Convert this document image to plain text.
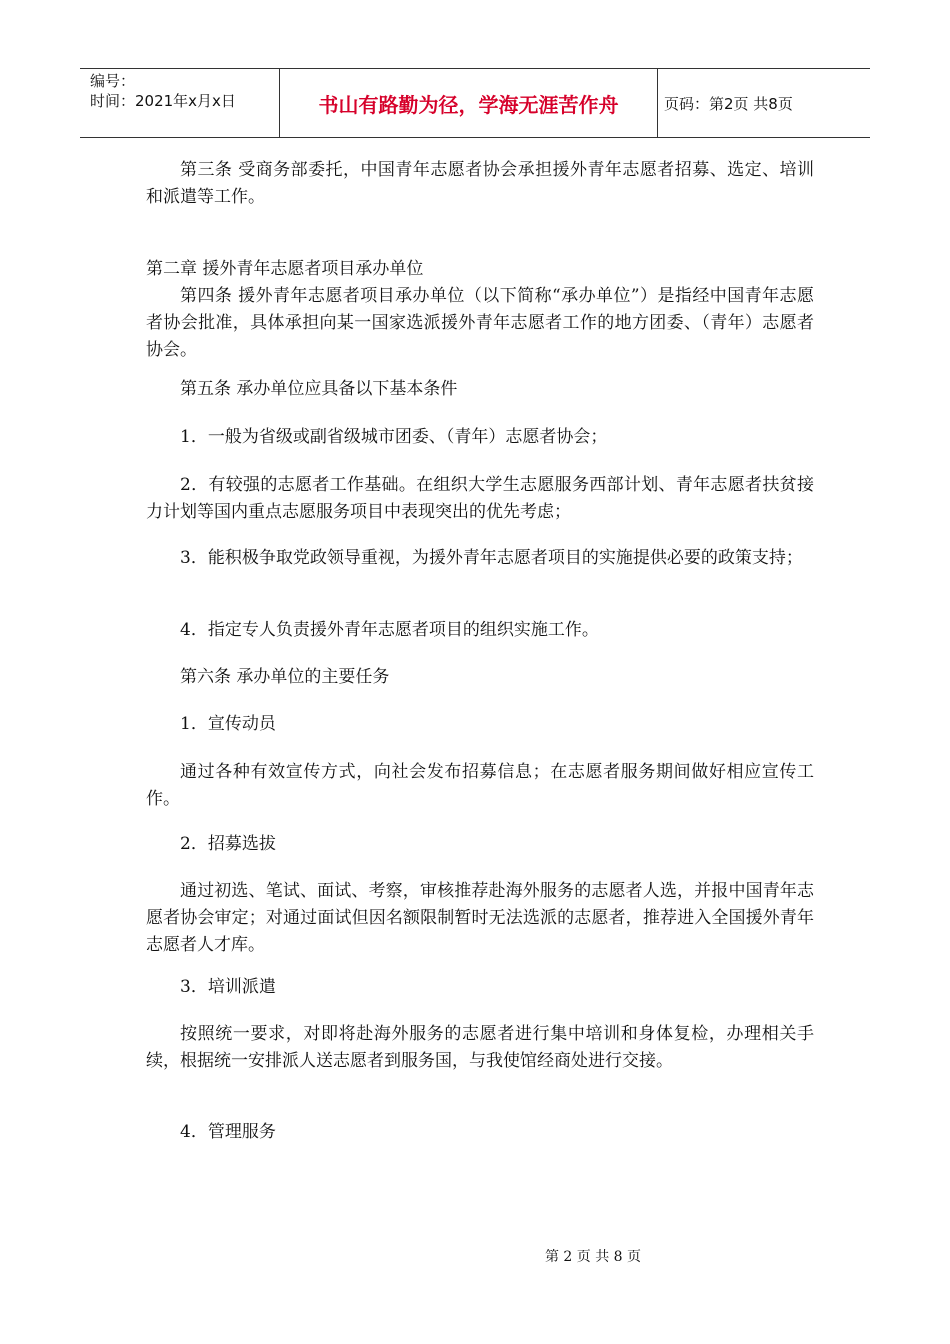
编号：
时间：2021年x月x日	书山有路勤为径，学海无涯苦作舟	页码：第2页 共8页

第三条 受商务部委托，中国青年志愿者协会承担援外青年志愿者招募、选定、培训和派遣等工作。

第二章 援外青年志愿者项目承办单位

第四条 援外青年志愿者项目承办单位（以下简称“承办单位”）是指经中国青年志愿者协会批准，具体承担向某一国家选派援外青年志愿者工作的地方团委、（青年）志愿者协会。

第五条 承办单位应具备以下基本条件

1．一般为省级或副省级城市团委、（青年）志愿者协会；

2．有较强的志愿者工作基础。在组织大学生志愿服务西部计划、青年志愿者扶贫接力计划等国内重点志愿服务项目中表现突出的优先考虑；

3．能积极争取党政领导重视，为援外青年志愿者项目的实施提供必要的政策支持；

4．指定专人负责援外青年志愿者项目的组织实施工作。

第六条 承办单位的主要任务

1．宣传动员

通过各种有效宣传方式，向社会发布招募信息；在志愿者服务期间做好相应宣传工作。

2．招募选拔

通过初选、笔试、面试、考察，审核推荐赴海外服务的志愿者人选，并报中国青年志愿者协会审定；对通过面试但因名额限制暂时无法选派的志愿者，推荐进入全国援外青年志愿者人才库。

3．培训派遣

按照统一要求，对即将赴海外服务的志愿者进行集中培训和身体复检，办理相关手续，根据统一安排派人送志愿者到服务国，与我使馆经商处进行交接。

4．管理服务

第 2 页 共 8 页
